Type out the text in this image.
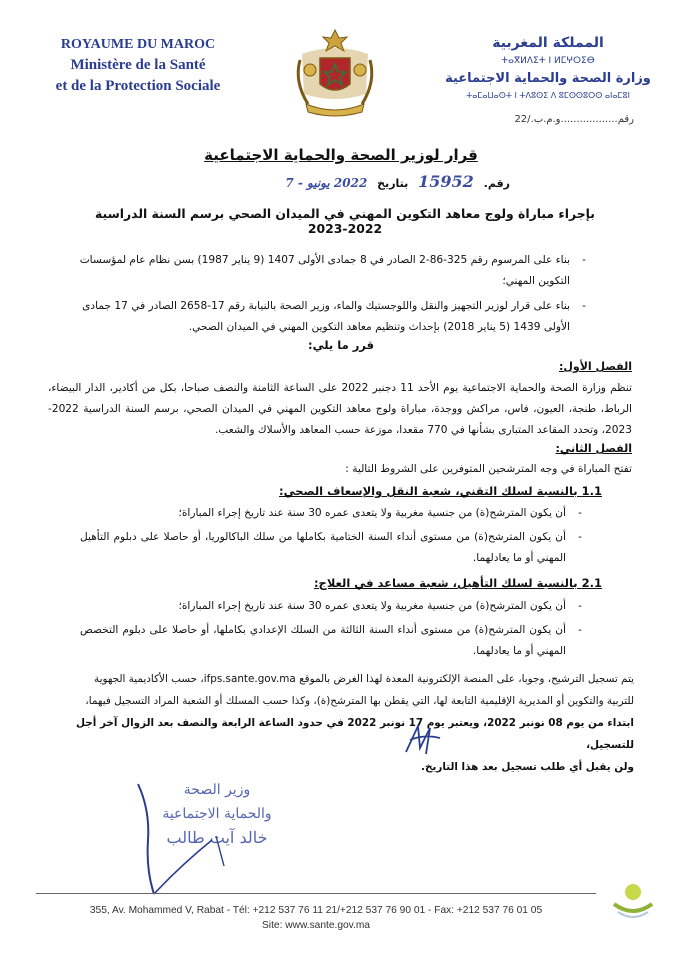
ROYAUME DU MAROC
Ministère de la Santé
et de la Protection Sociale
المملكة المغربية
ⵜⴰⴳⵍⴷⵉⵜ ⵏ ⵍⵎⵖⵔⵉⴱ
وزارة الصحة والحماية الاجتماعية
ⵜⴰⵎⴰⵡⴰⵙⵜ ⵏ ⵜⴷⵓⵙⵉ ⴷ ⵓⵎⵙⵙⵓⵔⵙ ⴰⵏⴰⵎⵓⵏ
رقم..................و.م.ب./22
قرار لوزير الصحة والحماية الاجتماعية
رقم. 15952 بتاريخ 2022 يونيو - 7
بإجراء مباراة ولوج معاهد التكوين المهني في الميدان الصحي برسم السنة الدراسية 2022-2023
-
بناء على المرسوم رقم 325-86-2 الصادر في 8 جمادى الأولى 1407 (9 يناير 1987) بسن نظام عام لمؤسسات التكوين المهني؛
-
بناء على قرار لوزير التجهيز والنقل واللوجستيك والماء، وزير الصحة بالنيابة رقم 17-2658 الصادر في 17 جمادى الأولى 1439 (5 يناير 2018) بإحداث وتنظيم معاهد التكوين المهني في الميدان الصحي.
قرر ما يلي:
الفصل الأول:
تنظم وزارة الصحة والحماية الاجتماعية يوم الأحد 11 دجنبر 2022 على الساعة الثامنة والنصف صباحا، بكل من أكادير، الدار البيضاء، الرباط، طنجة، العيون، فاس، مراكش ووجدة، مباراة ولوج معاهد التكوين المهني في الميدان الصحي، برسم السنة الدراسية 2022-2023، وتحدد المقاعد المتبارى بشأنها في 770 مقعدا، موزعة حسب المعاهد والأسلاك والشعب.
الفصل الثاني:
تفتح المباراة في وجه المترشحين المتوفرين على الشروط التالية :
1.1 بالنسبة لسلك التقني، شعبة النقل والإسعاف الصحي:
-
أن يكون المترشح(ة) من جنسية مغربية ولا يتعدى عمره 30 سنة عند تاريخ إجراء المباراة؛
-
أن يكون المترشح(ة) من مستوى أنداء السنة الختامية بكاملها من سلك الباكالوريا، أو حاصلا على دبلوم التأهيل المهني أو ما يعادلهما.
2.1 بالنسبة لسلك التأهيل، شعبة مساعد في العلاج:
-
أن يكون المترشح(ة) من جنسية مغربية ولا يتعدى عمره 30 سنة عند تاريخ إجراء المباراة؛
-
أن يكون المترشح(ة) من مستوى أنداء السنة الثالثة من السلك الإعدادي بكاملها، أو حاصلا على دبلوم التخصص المهني أو ما يعادلهما.
يتم تسجيل الترشيح، وجوبا، على المنصة الإلكترونية المعدة لهذا الغرض بالموقع ifps.sante.gov.ma، حسب الأكاديمية الجهوية
للتربية والتكوين أو المديرية الإقليمية التابعة لها، التي يقطن بها المترشح(ة)، وكذا حسب المسلك أو الشعبة المراد التسجيل فيهما،
ابتداء من يوم 08 نونبر 2022، ويعتبر يوم 17 نونبر 2022 في حدود الساعة الرابعة والنصف بعد الزوال آخر أجل للتسجيل،
ولن يقبل أي طلب تسجيل بعد هذا التاريخ.
وزير الصحة
والحماية الاجتماعية
خالد آيت طالب
355, Av. Mohammed V, Rabat - Tél: +212 537 76 11 21/+212 537 76 90 01 - Fax: +212 537 76 01 05
Site: www.sante.gov.ma
